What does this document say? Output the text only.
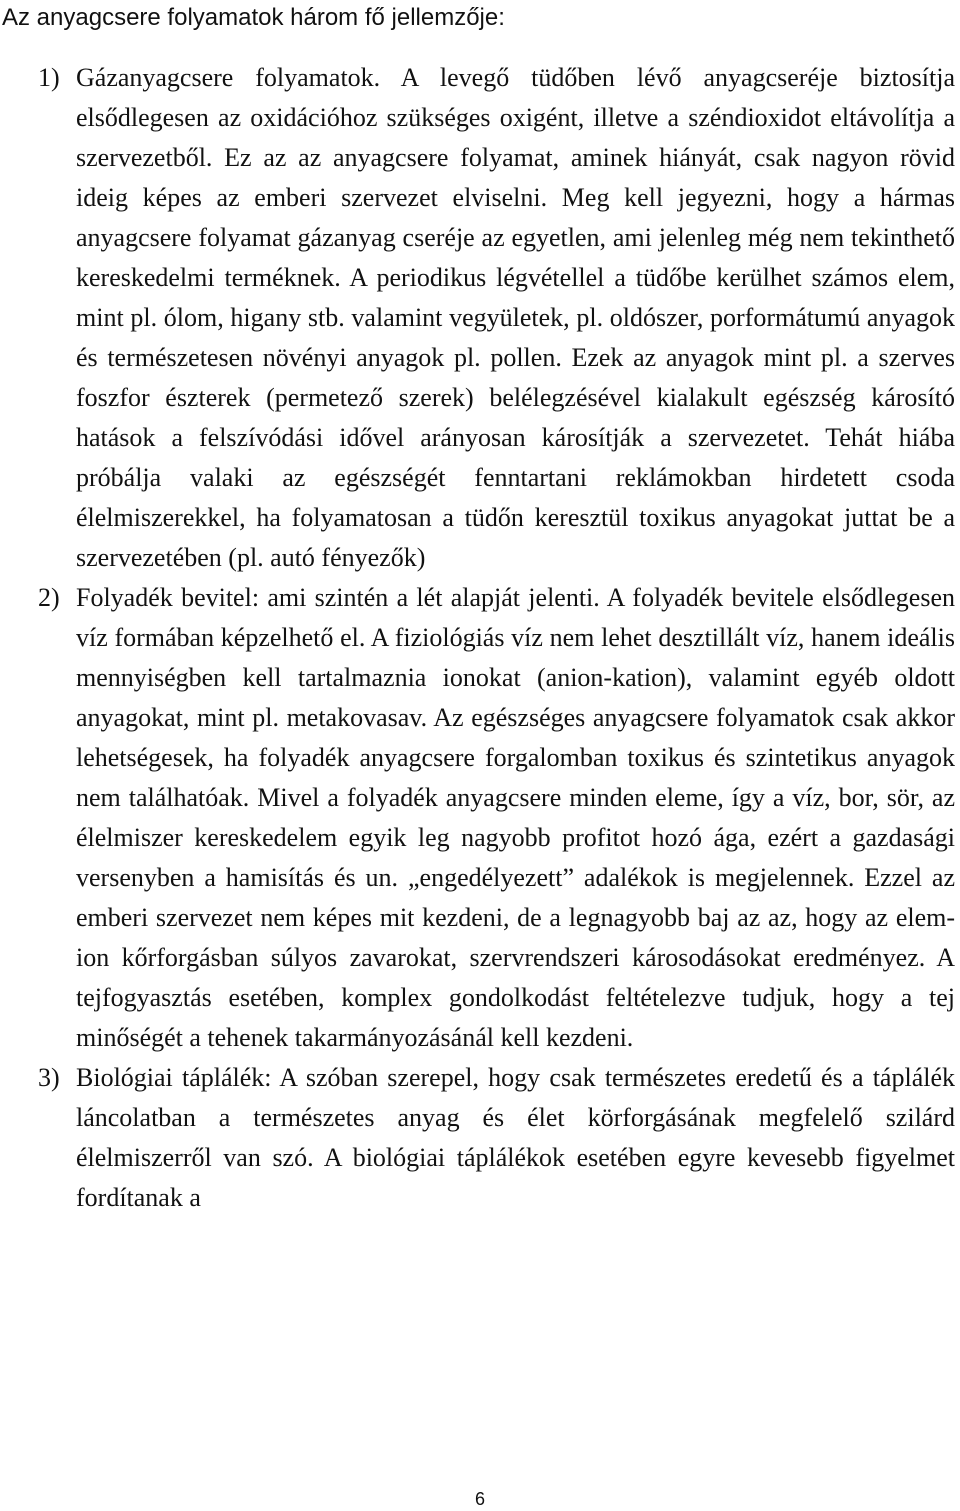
Az anyagcsere folyamatok három fő jellemzője:
1) Gázanyagcsere folyamatok. A levegő tüdőben lévő anyagcseréje biztosítja elsődlegesen az oxidációhoz szükséges oxigént, illetve a széndioxidot eltávolítja a szervezetből. Ez az az anyagcsere folyamat, aminek hiányát, csak nagyon rövid ideig képes az emberi szervezet elviselni. Meg kell jegyezni, hogy a hármas anyagcsere folyamat gázanyag cseréje az egyetlen, ami jelenleg még nem tekinthető kereskedelmi terméknek. A periodikus légvétellel a tüdőbe kerülhet számos elem, mint pl. ólom, higany stb. valamint vegyületek, pl. oldószer, porformátumú anyagok és természetesen növényi anyagok pl. pollen. Ezek az anyagok mint pl. a szerves foszfor észterek (permetező szerek) belélegzésével kialakult egészség károsító hatások a felszívódási idővel arányosan károsítják a szervezetet. Tehát hiába próbálja valaki az egészségét fenntartani reklámokban hirdetett csoda élelmiszerekkel, ha folyamatosan a tüdőn keresztül toxikus anyagokat juttat be a szervezetében (pl. autó fényezők)
2) Folyadék bevitel: ami szintén a lét alapját jelenti. A folyadék bevitele elsődlegesen víz formában képzelhető el. A fiziológiás víz nem lehet desztillált víz, hanem ideális mennyiségben kell tartalmaznia ionokat (anion-kation), valamint egyéb oldott anyagokat, mint pl. metakovasav. Az egészséges anyagcsere folyamatok csak akkor lehetségesek, ha folyadék anyagcsere forgalomban toxikus és szintetikus anyagok nem találhatóak. Mivel a folyadék anyagcsere minden eleme, így a víz, bor, sör, az élelmiszer kereskedelem egyik leg nagyobb profitot hozó ága, ezért a gazdasági versenyben a hamisítás és un. „engedélyezett” adalékok is megjelennek. Ezzel az emberi szervezet nem képes mit kezdeni, de a legnagyobb baj az az, hogy az elem-ion kőrforgásban súlyos zavarokat, szervrendszeri károsodásokat eredményez. A tejfogyasztás esetében, komplex gondolkodást feltételezve tudjuk, hogy a tej minőségét a tehenek takarmányozásánál kell kezdeni.
3) Biológiai táplálék: A szóban szerepel, hogy csak természetes eredetű és a táplálék láncolatban a természetes anyag és élet körforgásának megfelelő szilárd élelmiszerről van szó. A biológiai táplálékok esetében egyre kevesebb figyelmet fordítanak a
6
